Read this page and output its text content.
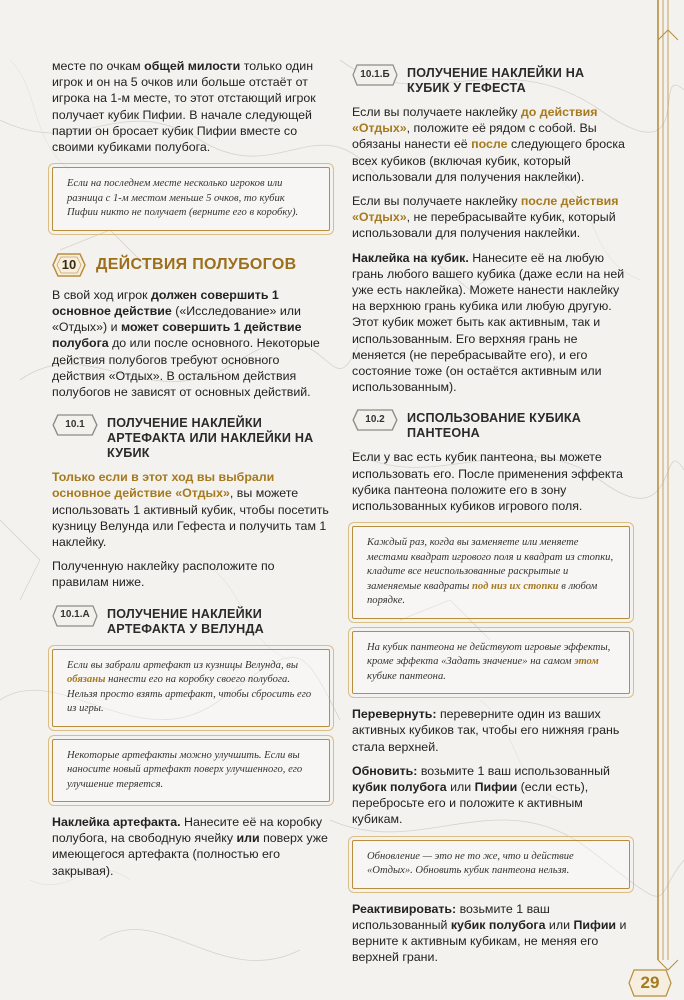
месте по очкам общей милости только один игрок и он на 5 очков или больше отстаёт от игрока на 1-м месте, то этот отстающий игрок получает кубик Пифии. В начале следующей партии он бросает кубик Пифии вместе со своими кубиками полубога.

Если на последнем месте несколько игроков или разница с 1-м местом меньше 5 очков, то кубик Пифии никто не получает (верните его в коробку).
10 ДЕЙСТВИЯ ПОЛУБОГОВ

В свой ход игрок должен совершить 1 основное действие («Исследование» или «Отдых») и может совершить 1 действие полубога до или после основного. Некоторые действия полубогов требуют основного действия «Отдых». В остальном действия полубогов не зависят от основных действий.

10.1 ПОЛУЧЕНИЕ НАКЛЕЙКИ АРТЕФАКТА ИЛИ НАКЛЕЙКИ НА КУБИК

Только если в этот ход вы выбрали основное действие «Отдых», вы можете использовать 1 активный кубик, чтобы посетить кузницу Велунда или Гефеста и получить там 1 наклейку.

Полученную наклейку расположите по правилам ниже.

10.1.А ПОЛУЧЕНИЕ НАКЛЕЙКИ АРТЕФАКТА У ВЕЛУНДА
Если вы забрали артефакт из кузницы Велунда, вы обязаны нанести его на коробку своего полубога. Нельзя просто взять артефакт, чтобы сбросить его из игры.
Некоторые артефакты можно улучшить. Если вы наносите новый артефакт поверх улучшенного, его улучшение теряется.

Наклейка артефакта. Нанесите её на коробку полубога, на свободную ячейку или поверх уже имеющегося артефакта (полностью его закрывая).

10.1.Б ПОЛУЧЕНИЕ НАКЛЕЙКИ НА КУБИК У ГЕФЕСТА

Если вы получаете наклейку до действия «Отдых», положите её рядом с собой. Вы обязаны нанести её после следующего броска всех кубиков (включая кубик, который использовали для получения наклейки).

Если вы получаете наклейку после действия «Отдых», не перебрасывайте кубик, который использовали для получения наклейки.

Наклейка на кубик. Нанесите её на любую грань любого вашего кубика (даже если на ней уже есть наклейка). Можете нанести наклейку на верхнюю грань кубика или любую другую. Этот кубик может быть как активным, так и использованным. Его верхняя грань не меняется (не перебрасывайте его), и его состояние тоже (он остаётся активным или использованным).

10.2 ИСПОЛЬЗОВАНИЕ КУБИКА ПАНТЕОНА

Если у вас есть кубик пантеона, вы можете использовать его. После применения эффекта кубика пантеона положите его в зону использованных кубиков игрового поля.

Каждый раз, когда вы заменяете или меняете местами квадрат игрового поля и квадрат из стопки, кладите все неиспользованные раскрытые и заменяемые квадраты под низ их стопки в любом порядке.
На кубик пантеона не действуют игровые эффекты, кроме эффекта «Задать значение» на самом этом кубике пантеона.

Перевернуть: переверните один из ваших активных кубиков так, чтобы его нижняя грань стала верхней.

Обновить: возьмите 1 ваш использованный кубик полубога или Пифии (если есть), перебросьте его и положите к активным кубикам.

Обновление — это не то же, что и действие «Отдых». Обновить кубик пантеона нельзя.

Реактивировать: возьмите 1 ваш использованный кубик полубога или Пифии и верните к активным кубикам, не меняя его верхней грани.

29
